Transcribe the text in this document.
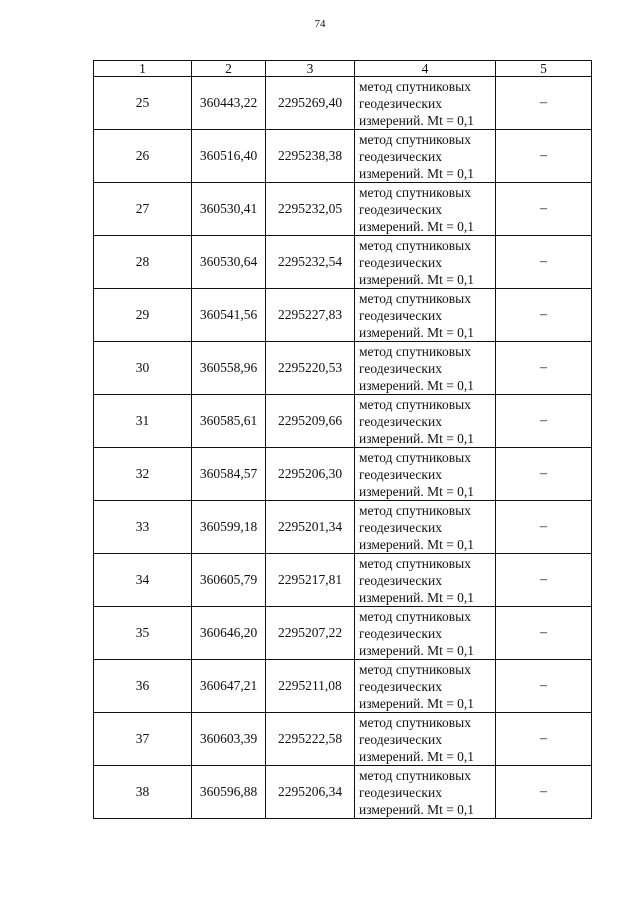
74
1	2	3	4	5
25	360443,22	2295269,40	метод спутниковых геодезических измерений. Mt = 0,1	–
26	360516,40	2295238,38	метод спутниковых геодезических измерений. Mt = 0,1	–
27	360530,41	2295232,05	метод спутниковых геодезических измерений. Mt = 0,1	–
28	360530,64	2295232,54	метод спутниковых геодезических измерений. Mt = 0,1	–
29	360541,56	2295227,83	метод спутниковых геодезических измерений. Mt = 0,1	–
30	360558,96	2295220,53	метод спутниковых геодезических измерений. Mt = 0,1	–
31	360585,61	2295209,66	метод спутниковых геодезических измерений. Mt = 0,1	–
32	360584,57	2295206,30	метод спутниковых геодезических измерений. Mt = 0,1	–
33	360599,18	2295201,34	метод спутниковых геодезических измерений. Mt = 0,1	–
34	360605,79	2295217,81	метод спутниковых геодезических измерений. Mt = 0,1	–
35	360646,20	2295207,22	метод спутниковых геодезических измерений. Mt = 0,1	–
36	360647,21	2295211,08	метод спутниковых геодезических измерений. Mt = 0,1	–
37	360603,39	2295222,58	метод спутниковых геодезических измерений. Mt = 0,1	–
38	360596,88	2295206,34	метод спутниковых геодезических измерений. Mt = 0,1	–
